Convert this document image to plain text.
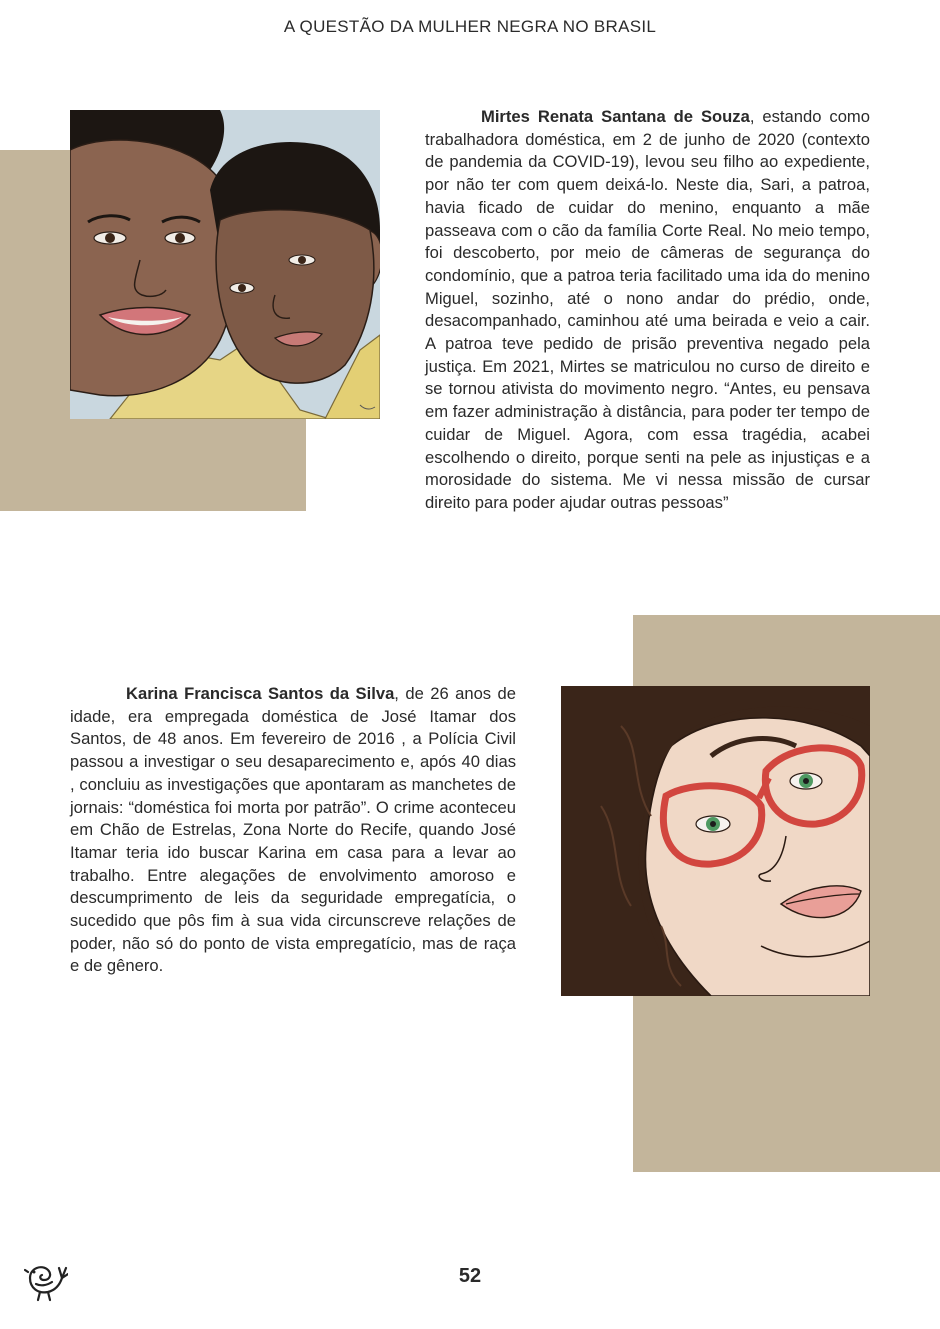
A QUESTÃO DA MULHER NEGRA NO BRASIL
Mirtes Renata Santana de Souza, estando como trabalhadora doméstica, em 2 de junho de 2020 (contexto de pandemia da COVID-19), levou seu filho ao expediente, por não ter com quem deixá-lo. Neste dia, Sari, a patroa, havia ficado de cuidar do menino, enquanto a mãe passeava com o cão da família Corte Real. No meio tempo, foi descoberto, por meio de câmeras de segurança do condomínio, que a patroa teria facilitado uma ida do menino Miguel, sozinho, até o nono andar do prédio, onde, desacompanhado, caminhou até uma beirada e veio a cair. A patroa teve pedido de prisão preventiva negado pela justiça. Em 2021, Mirtes se matriculou no curso de direito e se tornou ativista do movimento negro. “Antes, eu pensava em fazer administração à distância, para poder ter tempo de cuidar de Miguel. Agora, com essa tragédia, acabei escolhendo o direito, porque senti na pele as injustiças e a morosidade do sistema. Me vi nessa missão de cursar direito para poder ajudar outras pessoas”
Karina Francisca Santos da Silva, de 26 anos de idade, era empregada doméstica de José Itamar dos Santos, de 48 anos. Em fevereiro de 2016 , a Polícia Civil passou a investigar o seu desaparecimento e, após 40 dias , concluiu as investigações que apontaram as manchetes de jornais: “doméstica foi morta por patrão”. O crime aconteceu em Chão de Estrelas, Zona Norte do Recife, quando José Itamar teria ido buscar Karina em casa para a levar ao trabalho. Entre alegações de envolvimento amoroso e descumprimento de leis da seguridade empregatícia, o sucedido que pôs fim à sua vida circunscreve relações de poder, não só do ponto de vista empregatício, mas de raça e de gênero.
52
